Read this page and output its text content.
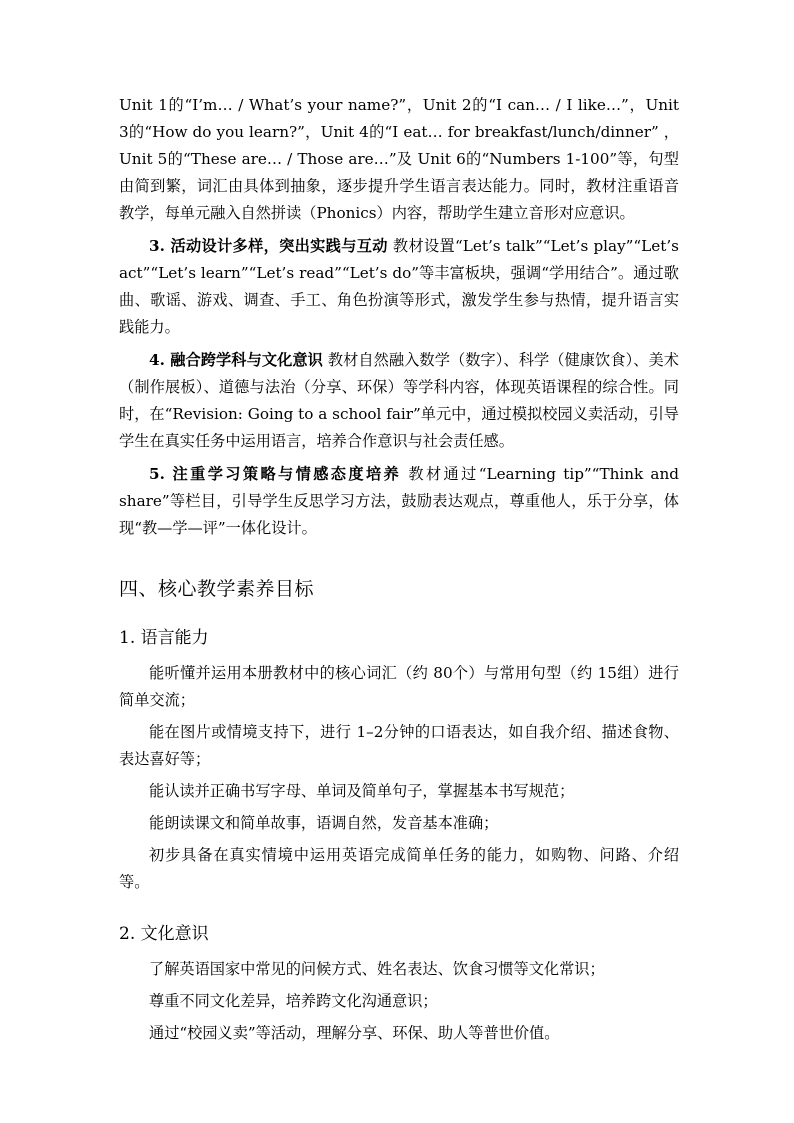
Unit 1的“I’m… / What’s your name?”，Unit 2的“I can… / I like…”，Unit 3的“How do you learn?”，Unit 4的“I eat… for breakfast/lunch/dinner” ，Unit 5的“These are… / Those are…”及 Unit 6的“Numbers 1-100”等，句型由简到繁，词汇由具体到抽象，逐步提升学生语言表达能力。同时，教材注重语音教学，每单元融入自然拼读（Phonics）内容，帮助学生建立音形对应意识。

3. 活动设计多样，突出实践与互动 教材设置“Let’s talk”“Let’s play”“Let’s act”“Let’s learn”“Let’s read”“Let’s do”等丰富板块，强调“学用结合”。通过歌曲、歌谣、游戏、调查、手工、角色扮演等形式，激发学生参与热情，提升语言实践能力。

4. 融合跨学科与文化意识 教材自然融入数学（数字）、科学（健康饮食）、美术（制作展板）、道德与法治（分享、环保）等学科内容，体现英语课程的综合性。同时，在“Revision: Going to a school fair”单元中，通过模拟校园义卖活动，引导学生在真实任务中运用语言，培养合作意识与社会责任感。

5. 注重学习策略与情感态度培养 教材通过“Learning tip”“Think and share”等栏目，引导学生反思学习方法，鼓励表达观点，尊重他人，乐于分享，体现“教—学—评”一体化设计。

四、核心教学素养目标
1. 语言能力

能听懂并运用本册教材中的核心词汇（约 80个）与常用句型（约 15组）进行简单交流；

能在图片或情境支持下，进行 1–2分钟的口语表达，如自我介绍、描述食物、表达喜好等；

能认读并正确书写字母、单词及简单句子，掌握基本书写规范；

能朗读课文和简单故事，语调自然，发音基本准确；

初步具备在真实情境中运用英语完成简单任务的能力，如购物、问路、介绍等。

2. 文化意识

了解英语国家中常见的问候方式、姓名表达、饮食习惯等文化常识；

尊重不同文化差异，培养跨文化沟通意识；

通过“校园义卖”等活动，理解分享、环保、助人等普世价值。
